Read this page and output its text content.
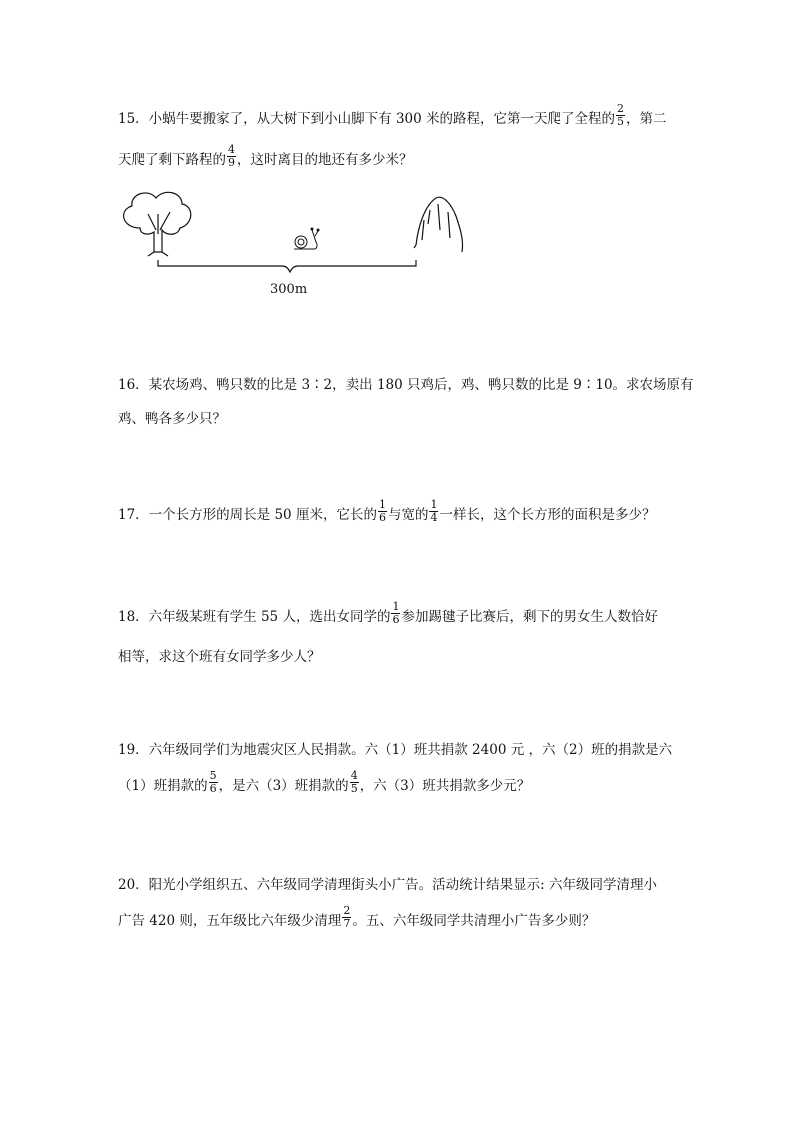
15．小蜗牛要搬家了，从大树下到小山脚下有 300 米的路程，它第一天爬了全程的 $\frac{2}{5}$ ，第二
天爬了剩下路程的 $\frac{4}{9}$ ，这时离目的地还有多少米？
300m
16．某农场鸡、鸭只数的比是 3∶2，卖出 180 只鸡后，鸡、鸭只数的比是 9∶10。求农场原有
鸡、鸭各多少只？
17．一个长方形的周长是 50 厘米，它长的 $\frac{1}{6}$ 与宽的 $\frac{1}{4}$ 一样长，这个长方形的面积是多少？
18．六年级某班有学生 55 人，选出女同学的 $\frac{1}{6}$ 参加踢毽子比赛后，剩下的男女生人数恰好
相等，求这个班有女同学多少人？
19．六年级同学们为地震灾区人民捐款。六（1）班共捐款 2400 元 ，六（2）班的捐款是六
（1）班捐款的 $\frac{5}{6}$ ，是六（3）班捐款的 $\frac{4}{5}$ ，六（3）班共捐款多少元？
20．阳光小学组织五、六年级同学清理街头小广告。活动统计结果显示: 六年级同学清理小
广告 420 则，五年级比六年级少清理 $\frac{2}{7}$ 。五、六年级同学共清理小广告多少则？
